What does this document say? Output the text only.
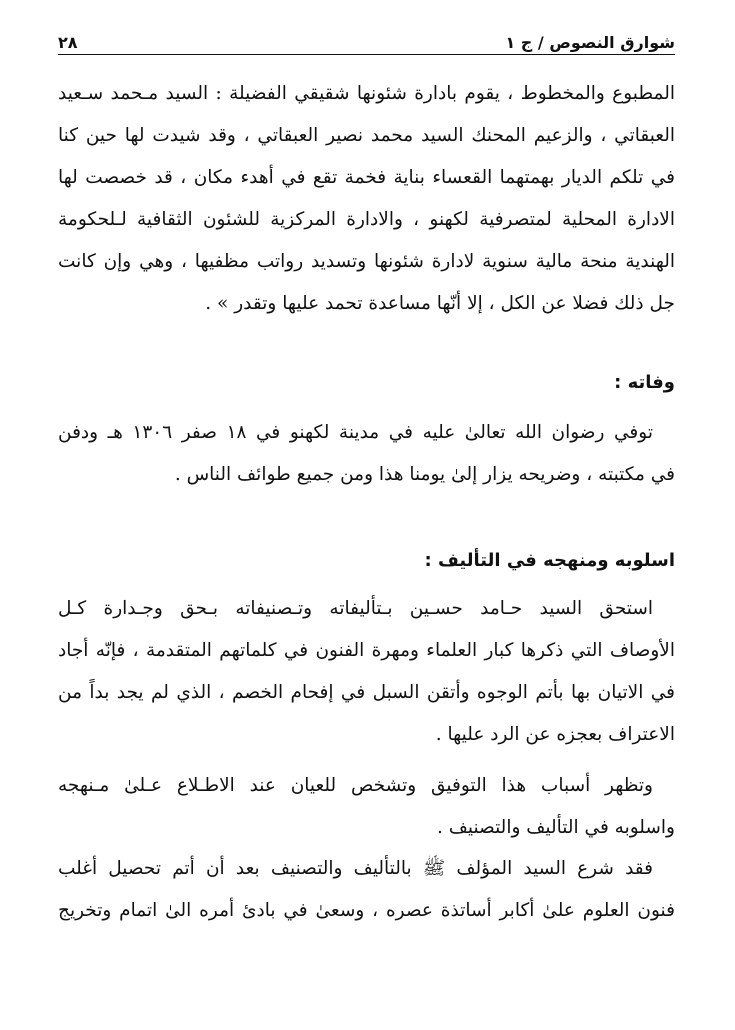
شوارق النصوص / ج ١
٢٨
المطبوع والمخطوط ، يقوم بادارة شئونها شقيقي الفضيلة : السيد مـحمد سـعيد
العبقاتي ، والزعيم المحنك السيد محمد نصير العبقاتي ، وقد شيدت لها حين كنا
في تلكم الديار بهمتهما القعساء بناية فخمة تقع في أهدء مكان ، قد خصصت لها
الادارة المحلية لمتصرفية لكهنو ، والادارة المركزية للشئون الثقافية لـلحكومة
الهندية منحة مالية سنوية لادارة شئونها وتسديد رواتب مظفيها ، وهي وإن كانت
جل ذلك فضلا عن الكل ، إلا أنّها مساعدة تحمد عليها وتقدر » .
وفاته :
توفي رضوان الله تعالىٰ عليه في مدينة لكهنو في ١٨ صفر ١٣٠٦ هـ ودفن
في مكتبته ، وضريحه يزار إلىٰ يومنا هذا ومن جميع طوائف الناس .
اسلوبه ومنهجه في التأليف :
استحق السيد حـامد حسـين بـتأليفاته وتـصنيفاته بـحق وجـدارة كـل
الأوصاف التي ذكرها كبار العلماء ومهرة الفنون في كلماتهم المتقدمة ، فإنّه أجاد
في الاتيان بها بأتم الوجوه وأتقن السبل في إفحام الخصم ، الذي لم يجد بداً من
الاعتراف بعجزه عن الرد عليها .
وتظهر أسباب هذا التوفيق وتشخص للعيان عند الاطـلاع عـلىٰ مـنهجه
واسلوبه في التأليف والتصنيف .
فقد شرع السيد المؤلف ﷺ بالتأليف والتصنيف بعد أن أتم تحصيل أغلب
فنون العلوم علىٰ أكابر أساتذة عصره ، وسعىٰ في بادئ أمره الىٰ اتمام وتخريج
